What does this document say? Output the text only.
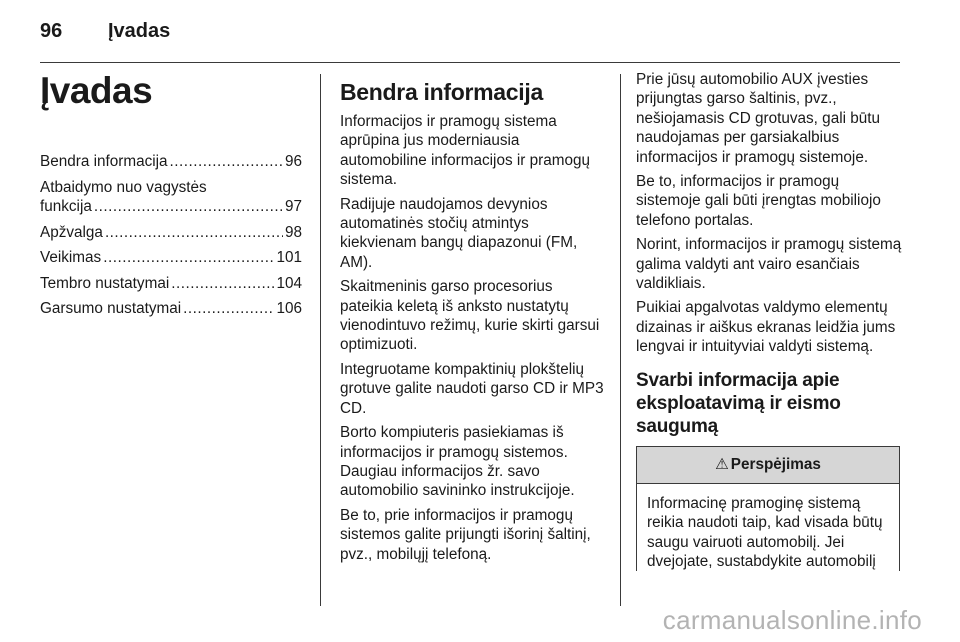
96 Įvadas
Įvadas
Bendra informacija .....	96
Atbaidymo nuo vagystės
funkcija .....	97
Apžvalga .....	98
Veikimas .....	101
Tembro nustatymai .....	104
Garsumo nustatymai .....	106
Bendra informacija

Informacijos ir pramogų sistema aprūpina jus moderniausia automobiline informacijos ir pramogų sistema.

Radijuje naudojamos devynios automatinės stočių atmintys kiekvienam bangų diapazonui (FM, AM).

Skaitmeninis garso procesorius pateikia keletą iš anksto nustatytų vienodintuvo režimų, kurie skirti garsui optimizuoti.

Integruotame kompaktinių plokštelių grotuve galite naudoti garso CD ir MP3 CD.

Borto kompiuteris pasiekiamas iš informacijos ir pramogų sistemos. Daugiau informacijos žr. savo automobilio savininko instrukcijoje.

Be to, prie informacijos ir pramogų sistemos galite prijungti išorinį šaltinį, pvz., mobilųjį telefoną.

Prie jūsų automobilio AUX įvesties prijungtas garso šaltinis, pvz., nešiojamasis CD grotuvas, gali būtu naudojamas per garsiakalbius informacijos ir pramogų sistemoje.

Be to, informacijos ir pramogų sistemoje gali būti įrengtas mobiliojo telefono portalas.

Norint, informacijos ir pramogų sistemą galima valdyti ant vairo esančiais valdikliais.

Puikiai apgalvotas valdymo elementų dizainas ir aiškus ekranas leidžia jums lengvai ir intuityviai valdyti sistemą.

Svarbi informacija apie eksploatavimą ir eismo saugumą
⚠ Perspėjimas
Informacinę pramoginę sistemą reikia naudoti taip, kad visada būtų saugu vairuoti automobilį. Jei dvejojate, sustabdykite automobilį
carmanualsonline.info
